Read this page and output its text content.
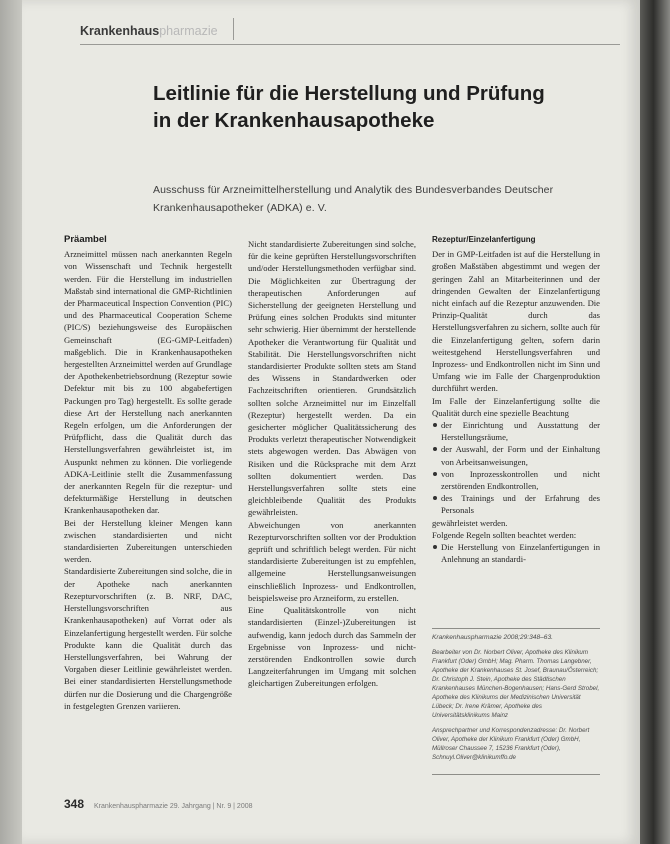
Krankenhauspharmazie
Leitlinie für die Herstellung und Prüfung
in der Krankenhausapotheke

Ausschuss für Arzneimittelherstellung und Analytik des Bundesverbandes Deutscher
Krankenhausapotheker (ADKA) e. V.

Präambel

Arzneimittel müssen nach anerkannten Regeln von Wissenschaft und Technik hergestellt werden. Für die Herstellung im industriellen Maßstab sind international die GMP-Richtlinien der Pharmaceutical Inspection Convention (PIC) und des Pharmaceutical Cooperation Scheme (PIC/S) beziehungsweise des Europäischen Gemeinschaft (EG-GMP-Leitfaden) maßgeblich. Die in Krankenhausapotheken hergestellten Arzneimittel werden auf Grundlage der Apothekenbetriebsordnung (Rezeptur sowie Defektur mit bis zu 100 abgabefertigen Packungen pro Tag) hergestellt. Es sollte gerade diese Art der Herstellung nach anerkannten Regeln erfolgen, um die Anforderungen der Prüfpflicht, dass die Qualität durch das Herstellungsverfahren gewährleistet ist, im Auspunkt nehmen zu können. Die vorliegende ADKA-Leitlinie stellt die Zusammenfassung der anerkannten Regeln für die rezeptur- und defekturmäßige Herstellung in deutschen Krankenhausapotheken dar.

Bei der Herstellung kleiner Mengen kann zwischen standardisierten und nicht standardisierten Zubereitungen unterschieden werden.

Standardisierte Zubereitungen sind solche, die in der Apotheke nach anerkannten Rezepturvorschriften (z. B. NRF, DAC, Herstellungsvorschriften aus Krankenhausapotheken) auf Vorrat oder als Einzelanfertigung hergestellt werden. Für solche Produkte kann die Qualität durch das Herstellungsverfahren, bei Wahrung der Vorgaben dieser Leitlinie gewährleistet werden. Bei einer standardisierten Herstellungsmethode dürfen nur die Dosierung und die Chargengröße in festgelegten Grenzen variieren.

Nicht standardisierte Zubereitungen sind solche, für die keine geprüften Herstellungsvorschriften und/oder Herstellungsmethoden verfügbar sind. Die Möglichkeiten zur Übertragung der therapeutischen Anforderungen auf Sicherstellung der geeigneten Herstellung und Prüfung eines solchen Produkts sind mitunter sehr schwierig. Hier übernimmt der herstellende Apotheker die Verantwortung für Qualität und Stabilität. Die Herstellungsvorschriften nicht standardisierter Produkte sollten stets am Stand des Wissens in Standardwerken oder Fachzeitschriften orientieren. Grundsätzlich sollten solche Arzneimittel nur im Einzelfall (Rezeptur) hergestellt werden. Da ein gesicherter möglicher Qualitätssicherung des Produkts verletzt therapeutischer Notwendigkeit stets abgewogen werden. Das Abwägen von Risiken und die Rücksprache mit dem Arzt sollten dokumentiert werden. Das Herstellungsverfahren sollte stets eine gleichbleibende Qualität des Produkts gewährleisten.

Abweichungen von anerkannten Rezepturvorschriften sollten vor der Produktion geprüft und schriftlich belegt werden. Für nicht standardisierte Zubereitungen ist zu empfehlen, allgemeine Herstellungsanweisungen einschließlich Inprozess- und Endkontrollen, beispielsweise pro Arzneiform, zu erstellen.

Eine Qualitätskontrolle von nicht standardisierten (Einzel-)Zubereitungen ist aufwendig, kann jedoch durch das Sammeln der Ergebnisse von Inprozess- und nicht-zerstörenden Endkontrollen sowie durch Langzeiterfahrungen im Umgang mit solchen gleichartigen Zubereitungen erfolgen.

Rezeptur/Einzelanfertigung

Der in GMP-Leitfaden ist auf die Herstellung in großen Maßstäben abgestimmt und wegen der geringen Zahl an Mitarbeiterinnen und der dringenden Gewalten der Einzelanfertigung nicht einfach auf die Rezeptur anzuwenden. Die Prinzip-Qualität durch das Herstellungsverfahren zu sichern, sollte auch für die Einzelanfertigung gelten, sofern darin weitestgehend Herstellungsverfahren und Inprozess- und Endkontrollen nicht im Sinn und Umfang wie im Falle der Chargenproduktion durchführt werden.

Im Falle der Einzelanfertigung sollte die Qualität durch eine spezielle Beachtung

der Einrichtung und Ausstattung der Herstellungsräume,
der Auswahl, der Form und der Einhaltung von Arbeitsanweisungen,
von Inprozesskontrollen und nicht zerstörenden Endkontrollen,
des Trainings und der Erfahrung des Personals

gewährleistet werden.

Folgende Regeln sollten beachtet werden:

Die Herstellung von Einzelanfertigungen in Anlehnung an standardi-
Krankenhauspharmazie 2008;29:348–63.

Bearbeiter von Dr. Norbert Oliver, Apotheke des Klinikum Frankfurt (Oder) GmbH; Mag. Pharm. Thomas Langebner, Apotheke der Krankenhauses St. Josef, Braunau/Österreich; Dr. Christoph J. Stein, Apotheke des Städtischen Krankenhauses München-Bogenhausen; Hans-Gerd Strobel, Apotheke des Klinikums der Medizinischen Universität Lübeck; Dr. Irene Krämer, Apotheke des Universitätsklinikums Mainz

Ansprechpartner und Korrespondenzadresse: Dr. Norbert Oliver, Apotheke der Klinikum Frankfurt (Oder) GmbH, Müllroser Chaussee 7, 15236 Frankfurt (Oder), Schnuyl.Oliver@klinikumffo.de

348 Krankenhauspharmazie 29. Jahrgang | Nr. 9 | 2008
